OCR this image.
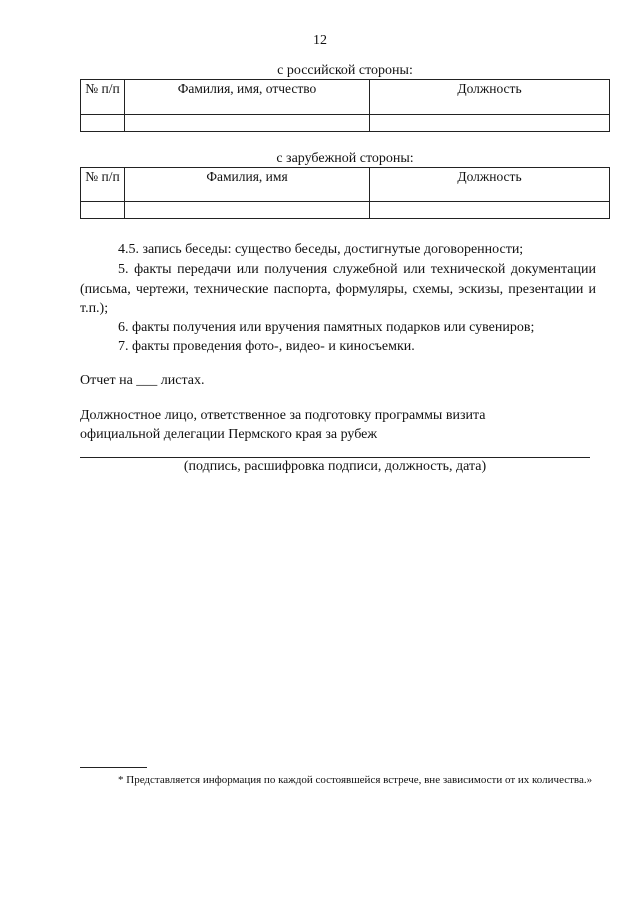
12
с российской стороны:
№ п/п	Фамилия, имя, отчество	Должность

с зарубежной стороны:
№ п/п	Фамилия, имя	Должность

4.5. запись беседы: существо беседы, достигнутые договоренности;
5. факты передачи или получения служебной или технической документации (письма, чертежи, технические паспорта, формуляры, схемы, эскизы, презентации и т.п.);
6. факты получения или вручения памятных подарков или сувениров;
7. факты проведения фото-, видео- и киносъемки.
Отчет на ___ листах.
Должностное лицо, ответственное за подготовку программы визита официальной делегации Пермского края за рубеж
(подпись, расшифровка подписи, должность, дата)
* Представляется информация по каждой состоявшейся встрече, вне зависимости от их количества.»
